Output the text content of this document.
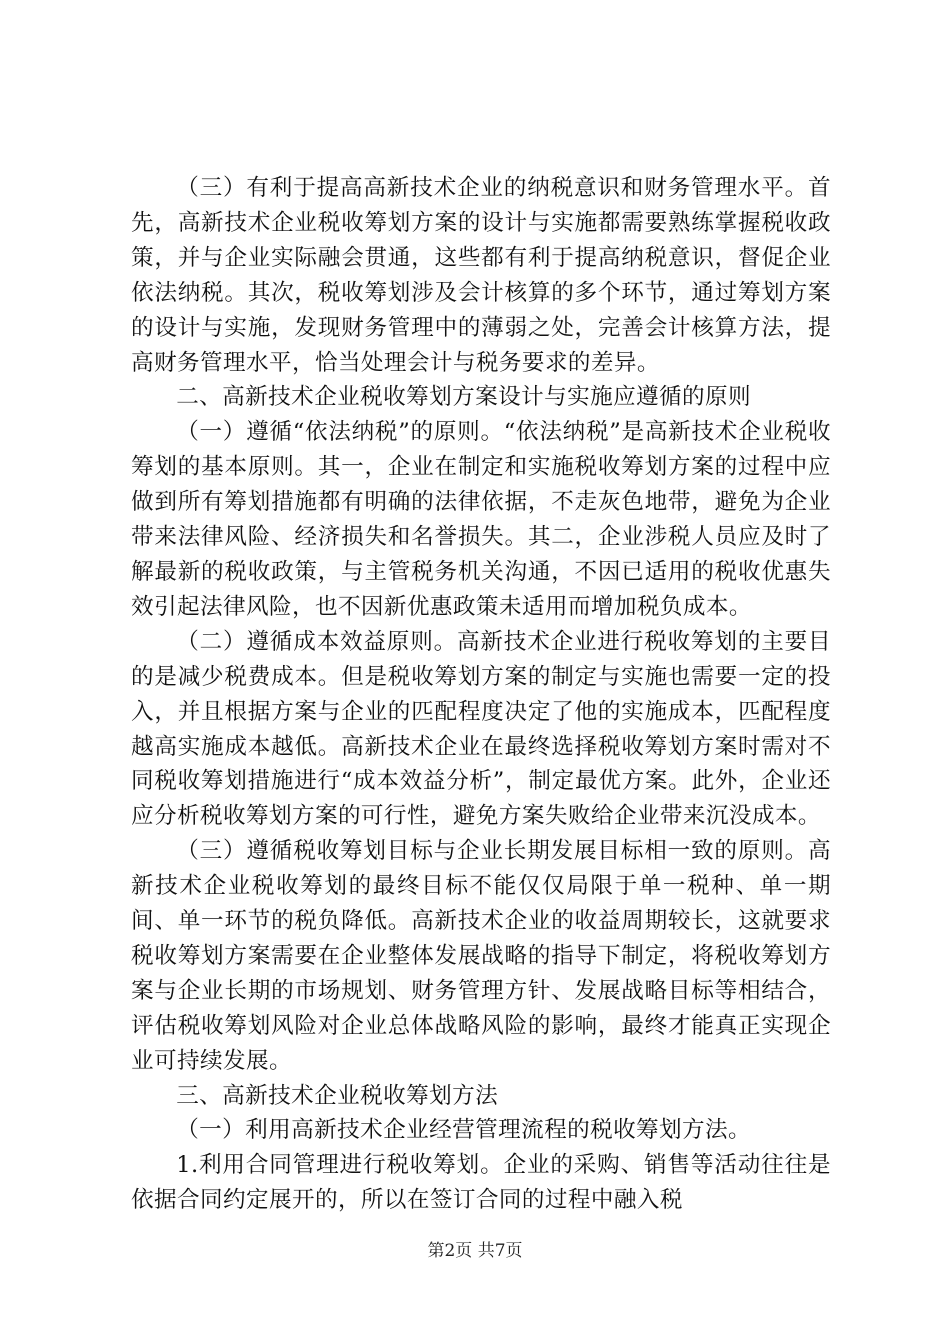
（三）有利于提高高新技术企业的纳税意识和财务管理水平。首先，高新技术企业税收筹划方案的设计与实施都需要熟练掌握税收政策，并与企业实际融会贯通，这些都有利于提高纳税意识，督促企业依法纳税。其次，税收筹划涉及会计核算的多个环节，通过筹划方案的设计与实施，发现财务管理中的薄弱之处，完善会计核算方法，提高财务管理水平，恰当处理会计与税务要求的差异。

二、高新技术企业税收筹划方案设计与实施应遵循的原则

（一）遵循“依法纳税”的原则。“依法纳税”是高新技术企业税收筹划的基本原则。其一，企业在制定和实施税收筹划方案的过程中应做到所有筹划措施都有明确的法律依据，不走灰色地带，避免为企业带来法律风险、经济损失和名誉损失。其二，企业涉税人员应及时了解最新的税收政策，与主管税务机关沟通，不因已适用的税收优惠失效引起法律风险，也不因新优惠政策未适用而增加税负成本。

（二）遵循成本效益原则。高新技术企业进行税收筹划的主要目的是减少税费成本。但是税收筹划方案的制定与实施也需要一定的投入，并且根据方案与企业的匹配程度决定了他的实施成本，匹配程度越高实施成本越低。高新技术企业在最终选择税收筹划方案时需对不同税收筹划措施进行“成本效益分析”，制定最优方案。此外，企业还应分析税收筹划方案的可行性，避免方案失败给企业带来沉没成本。

（三）遵循税收筹划目标与企业长期发展目标相一致的原则。高新技术企业税收筹划的最终目标不能仅仅局限于单一税种、单一期间、单一环节的税负降低。高新技术企业的收益周期较长，这就要求税收筹划方案需要在企业整体发展战略的指导下制定，将税收筹划方案与企业长期的市场规划、财务管理方针、发展战略目标等相结合，评估税收筹划风险对企业总体战略风险的影响，最终才能真正实现企业可持续发展。

三、高新技术企业税收筹划方法

（一）利用高新技术企业经营管理流程的税收筹划方法。

1.利用合同管理进行税收筹划。企业的采购、销售等活动往往是依据合同约定展开的，所以在签订合同的过程中融入税

第2页 共7页
